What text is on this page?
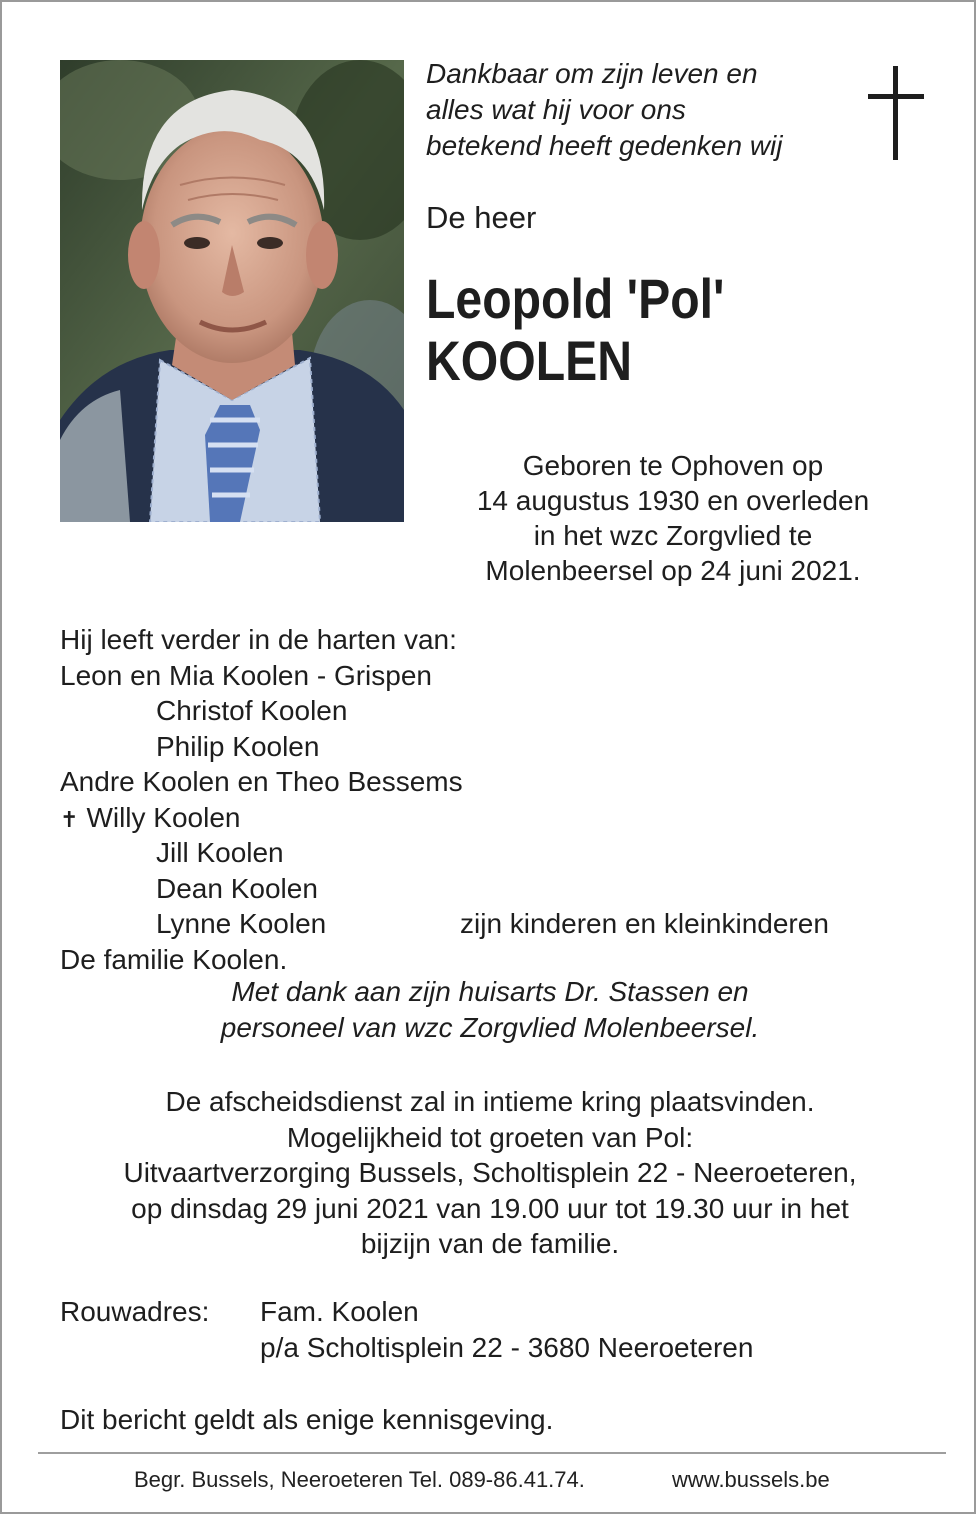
Dankbaar om zijn leven en
alles wat hij voor ons
betekend heeft gedenken wij
De heer
Leopold 'Pol'
KOOLEN
Geboren te Ophoven op
14 augustus 1930 en overleden
in het wzc Zorgvlied te
Molenbeersel op 24 juni 2021.
Hij leeft verder in de harten van:
Leon en Mia Koolen - Grispen
Christof Koolen
Philip Koolen
Andre Koolen en Theo Bessems
✝ Willy Koolen
Jill Koolen
Dean Koolen
Lynne Koolen	zijn kinderen en kleinkinderen
De familie Koolen.
Met dank aan zijn huisarts Dr. Stassen en
personeel van wzc Zorgvlied Molenbeersel.
De afscheidsdienst zal in intieme kring plaatsvinden.
Mogelijkheid tot groeten van Pol:
Uitvaartverzorging Bussels, Scholtisplein 22 - Neeroeteren,
op dinsdag 29 juni 2021 van 19.00 uur tot 19.30 uur in het
bijzijn van de familie.
Rouwadres: Fam. Koolen
p/a Scholtisplein 22 - 3680 Neeroeteren
Dit bericht geldt als enige kennisgeving.
Begr. Bussels, Neeroeteren Tel. 089-86.41.74.	www.bussels.be
